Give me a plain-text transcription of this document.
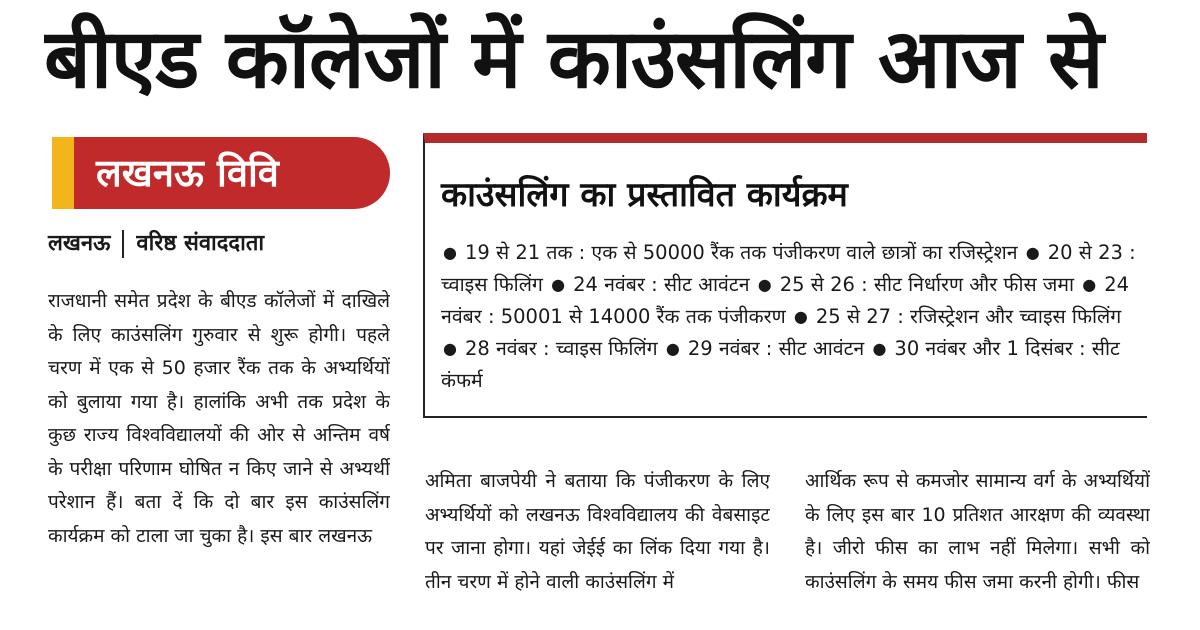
बीएड कॉलेजों में काउंसलिंग आज से
लखनऊ विवि
लखनऊ वरिष्ठ संवाददाता
राजधानी समेत प्रदेश के बीएड कॉलेजों में दाखिले के लिए काउंसलिंग गुरुवार से शुरू होगी। पहले चरण में एक से 50 हजार रैंक तक के अभ्यर्थियों को बुलाया गया है। हालांकि अभी तक प्रदेश के कुछ राज्य विश्वविद्यालयों की ओर से अन्तिम वर्ष के परीक्षा परिणाम घोषित न किए जाने से अभ्यर्थी परेशान हैं। बता दें कि दो बार इस काउंसलिंग कार्यक्रम को टाला जा चुका है। इस बार लखनऊ
काउंसलिंग का प्रस्तावित कार्यक्रम
● 19 से 21 तक : एक से 50000 रैंक तक पंजीकरण वाले छात्रों का रजिस्ट्रेशन ● 20 से 23 : च्वाइस फिलिंग ● 24 नवंबर : सीट आवंटन ● 25 से 26 : सीट निर्धारण और फीस जमा ● 24 नवंबर : 50001 से 14000 रैंक तक पंजीकरण ● 25 से 27 : रजिस्ट्रेशन और च्वाइस फिलिंग ● 28 नवंबर : च्वाइस फिलिंग ● 29 नवंबर : सीट आवंटन ● 30 नवंबर और 1 दिसंबर : सीट कंफर्म
अमिता बाजपेयी ने बताया कि पंजीकरण के लिए अभ्यर्थियों को लखनऊ विश्वविद्यालय की वेबसाइट पर जाना होगा। यहां जेईई का लिंक दिया गया है। तीन चरण में होने वाली काउंसलिंग में
आर्थिक रूप से कमजोर सामान्य वर्ग के अभ्यर्थियों के लिए इस बार 10 प्रतिशत आरक्षण की व्यवस्था है। जीरो फीस का लाभ नहीं मिलेगा। सभी को काउंसलिंग के समय फीस जमा करनी होगी। फीस
